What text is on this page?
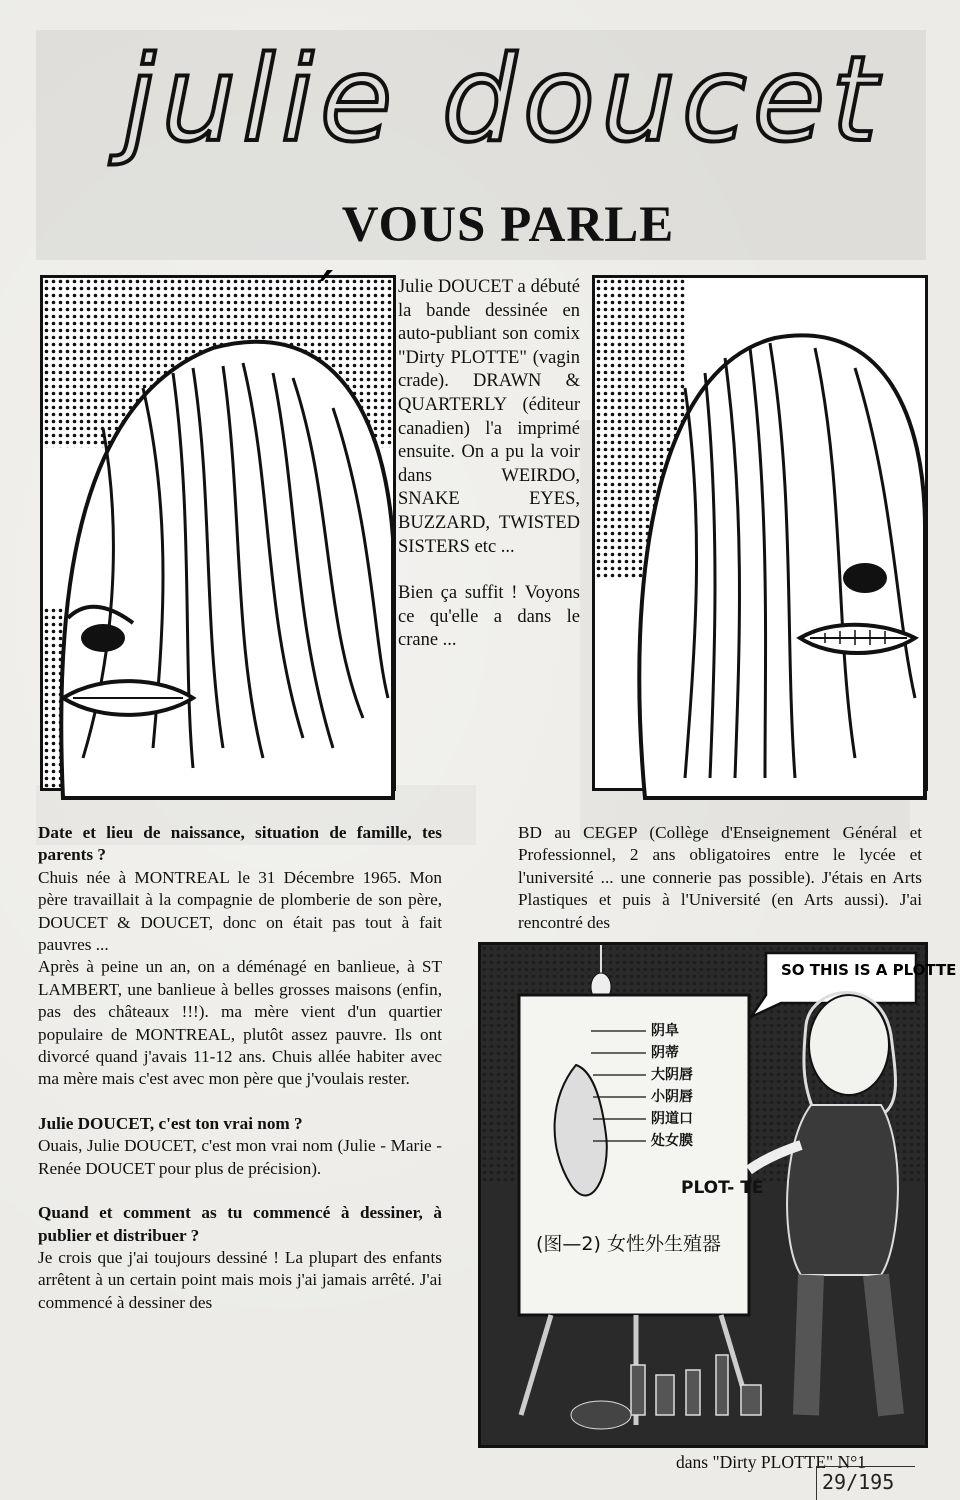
julie doucet
VOUS PARLE
´	Julie DOUCET a débuté la bande dessinée en auto-publiant son comix "Dirty PLOTTE" (vagin crade). DRAWN & QUARTERLY (éditeur canadien) l'a imprimé ensuite. On a pu la voir dans WEIRDO, SNAKE EYES, BUZZARD, TWISTED SISTERS etc ...

Bien ça suffit ! Voyons ce qu'elle a dans le crane ...

Date et lieu de naissance, situation de famille, tes parents ?

Chuis née à MONTREAL le 31 Décembre 1965. Mon père travaillait à la compagnie de plomberie de son père, DOUCET & DOUCET, donc on était pas tout à fait pauvres ...

Après à peine un an, on a déménagé en banlieue, à ST LAMBERT, une banlieue à belles grosses maisons (enfin, pas des châteaux !!!). ma mère vient d'un quartier populaire de MONTREAL, plutôt assez pauvre. Ils ont divorcé quand j'avais 11-12 ans. Chuis allée habiter avec ma mère mais c'est avec mon père que j'voulais rester.

Julie DOUCET, c'est ton vrai nom ?

Ouais, Julie DOUCET, c'est mon vrai nom (Julie - Marie - Renée DOUCET pour plus de précision).

Quand et comment as tu commencé à dessiner, à publier et distribuer ?

Je crois que j'ai toujours dessiné ! La plupart des enfants arrêtent à un certain point mais mois j'ai jamais arrêté. J'ai commencé à dessiner des

BD au CEGEP (Collège d'Enseignement Général et Professionnel, 2 ans obligatoires entre le lycée et l'université ... une connerie pas possible). J'étais en Arts Plastiques et puis à l'Université (en Arts aussi). J'ai rencontré des

SO THIS IS A PLOTTE
阴阜
阴蒂
大阴唇
小阴唇
阴道口
处女膜
PLOT- TE
(图—2) 女性外生殖器
dans "Dirty PLOTTE" N°1
29/195
